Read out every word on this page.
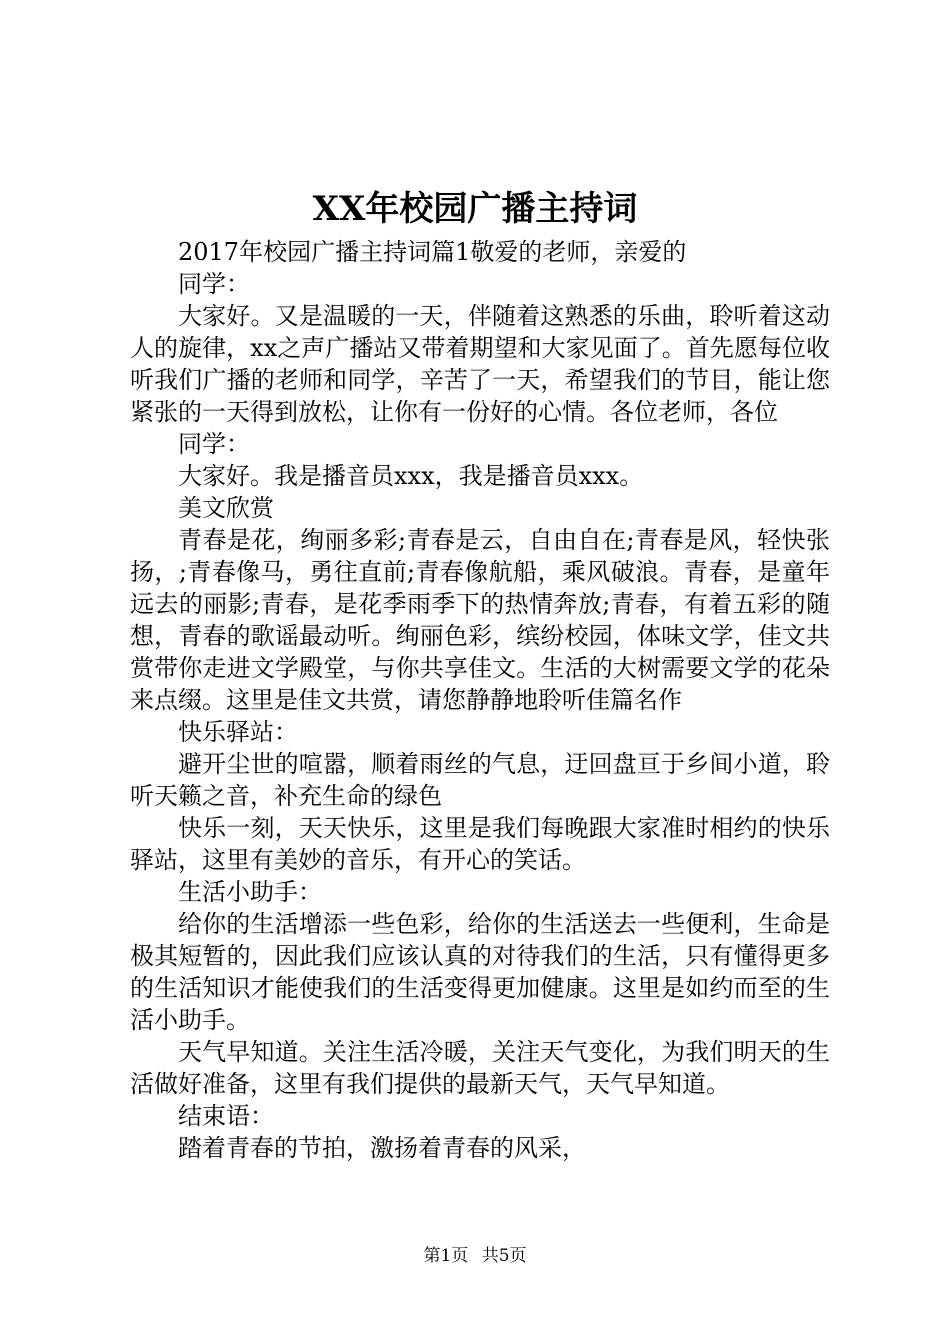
XX年校园广播主持词

2017年校园广播主持词篇1敬爱的老师，亲爱的

同学：

大家好。又是温暖的一天，伴随着这熟悉的乐曲，聆听着这动人的旋律，xx之声广播站又带着期望和大家见面了。首先愿每位收听我们广播的老师和同学，辛苦了一天，希望我们的节目，能让您紧张的一天得到放松，让你有一份好的心情。各位老师，各位

同学：

大家好。我是播音员xxx，我是播音员xxx。

美文欣赏

青春是花，绚丽多彩;青春是云，自由自在;青春是风，轻快张扬，;青春像马，勇往直前;青春像航船，乘风破浪。青春，是童年远去的丽影;青春，是花季雨季下的热情奔放;青春，有着五彩的随想，青春的歌谣最动听。绚丽色彩，缤纷校园，体味文学，佳文共赏带你走进文学殿堂，与你共享佳文。生活的大树需要文学的花朵来点缀。这里是佳文共赏，请您静静地聆听佳篇名作

快乐驿站：

避开尘世的喧嚣，顺着雨丝的气息，迂回盘亘于乡间小道，聆听天籁之音，补充生命的绿色

快乐一刻，天天快乐，这里是我们每晚跟大家准时相约的快乐驿站，这里有美妙的音乐，有开心的笑话。

生活小助手：

给你的生活增添一些色彩，给你的生活送去一些便利，生命是极其短暂的，因此我们应该认真的对待我们的生活，只有懂得更多的生活知识才能使我们的生活变得更加健康。这里是如约而至的生活小助手。

天气早知道。关注生活冷暖，关注天气变化，为我们明天的生活做好准备，这里有我们提供的最新天气，天气早知道。

结束语：

踏着青春的节拍，激扬着青春的风采，

第1页 共5页
